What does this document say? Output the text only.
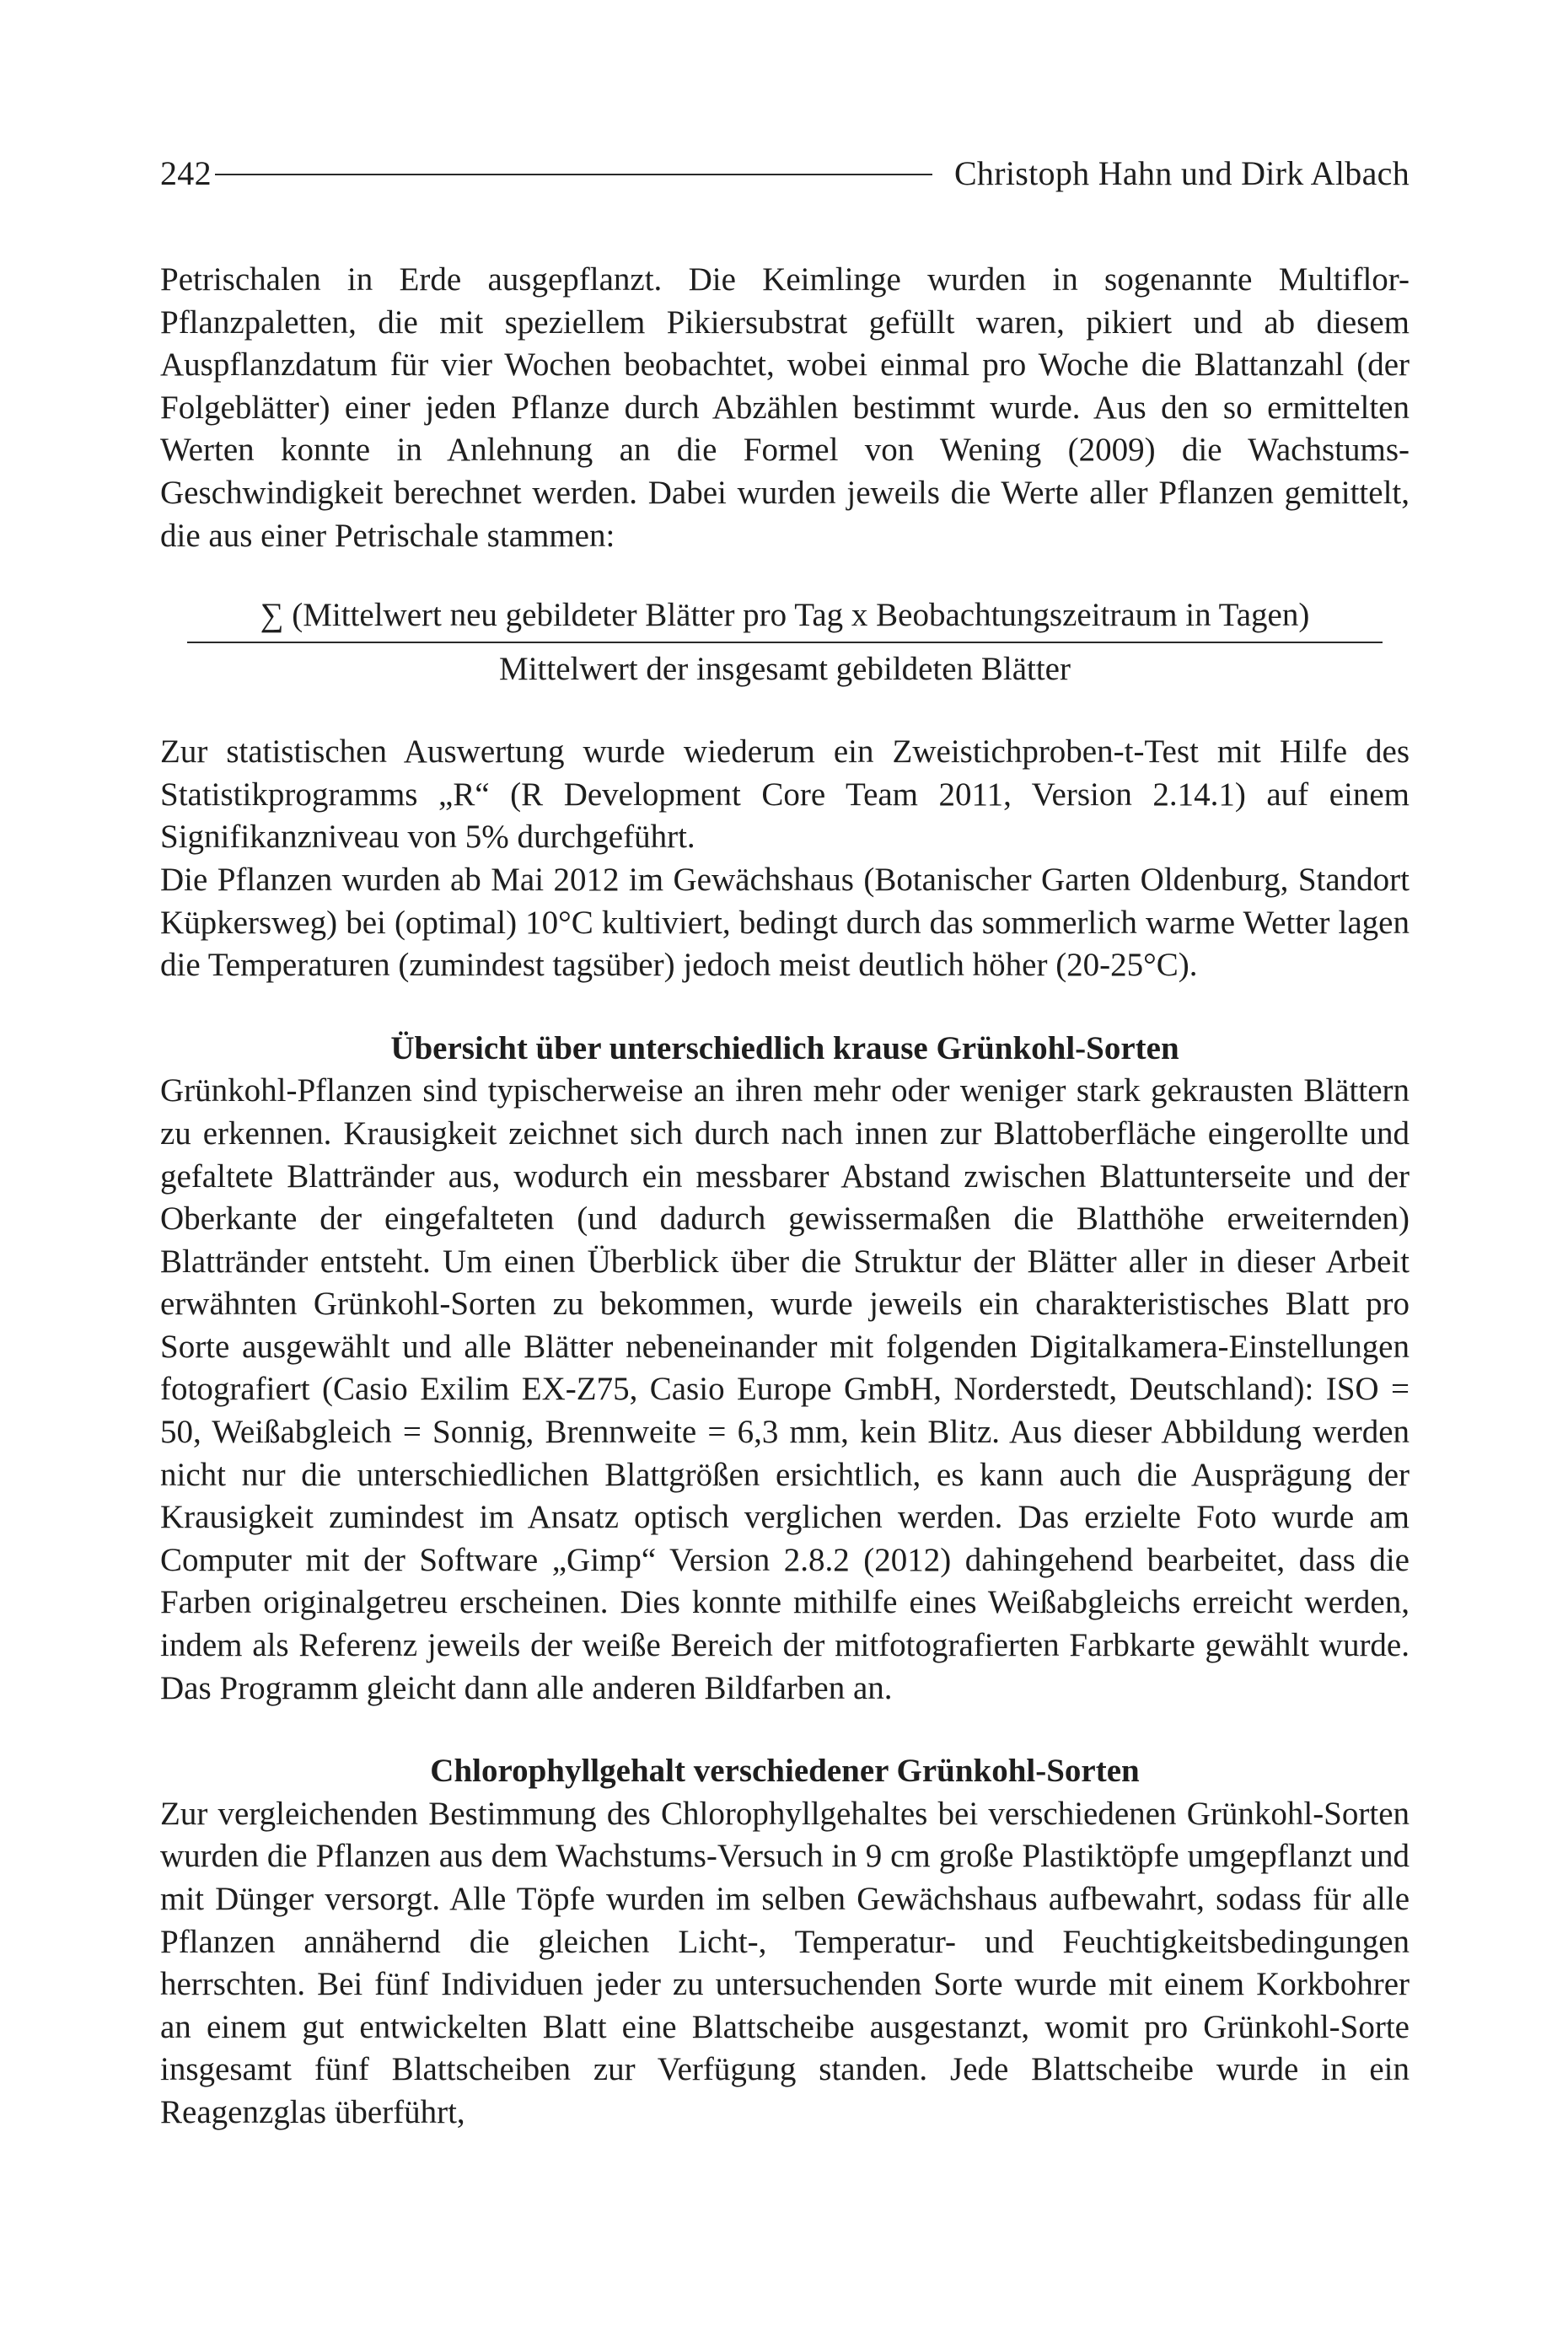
242	Christoph Hahn und Dirk Albach

Petrischalen in Erde ausgepflanzt. Die Keimlinge wurden in sogenannte Multiflor-Pflanzpaletten, die mit speziellem Pikiersubstrat gefüllt waren, pikiert und ab diesem Auspflanzdatum für vier Wochen beobachtet, wobei einmal pro Woche die Blattanzahl (der Folgeblätter) einer jeden Pflanze durch Abzählen bestimmt wurde. Aus den so ermittelten Werten konnte in Anlehnung an die Formel von Wening (2009) die Wachstums-Geschwindigkeit berechnet werden. Dabei wurden jeweils die Werte aller Pflanzen gemittelt, die aus einer Petrischale stammen:

∑ (Mittelwert neu gebildeter Blätter pro Tag x Beobachtungszeitraum in Tagen)
Mittelwert der insgesamt gebildeten Blätter

Zur statistischen Auswertung wurde wiederum ein Zweistichproben-t-Test mit Hilfe des Statistikprogramms „R“ (R Development Core Team 2011, Version 2.14.1) auf einem Signifikanzniveau von 5% durchgeführt.

Die Pflanzen wurden ab Mai 2012 im Gewächshaus (Botanischer Garten Oldenburg, Standort Küpkersweg) bei (optimal) 10°C kultiviert, bedingt durch das sommerlich warme Wetter lagen die Temperaturen (zumindest tagsüber) jedoch meist deutlich höher (20-25°C).

Übersicht über unterschiedlich krause Grünkohl-Sorten

Grünkohl-Pflanzen sind typischerweise an ihren mehr oder weniger stark gekrausten Blättern zu erkennen. Krausigkeit zeichnet sich durch nach innen zur Blattoberfläche eingerollte und gefaltete Blattränder aus, wodurch ein messbarer Abstand zwischen Blattunterseite und der Oberkante der eingefalteten (und dadurch gewissermaßen die Blatthöhe erweiternden) Blattränder entsteht. Um einen Überblick über die Struktur der Blätter aller in dieser Arbeit erwähnten Grünkohl-Sorten zu bekommen, wurde jeweils ein charakteristisches Blatt pro Sorte ausgewählt und alle Blätter nebeneinander mit folgenden Digitalkamera-Einstellungen fotografiert (Casio Exilim EX-Z75, Casio Europe GmbH, Norderstedt, Deutschland): ISO = 50, Weißabgleich = Sonnig, Brennweite = 6,3 mm, kein Blitz. Aus dieser Abbildung werden nicht nur die unterschiedlichen Blattgrößen ersichtlich, es kann auch die Ausprägung der Krausigkeit zumindest im Ansatz optisch verglichen werden. Das erzielte Foto wurde am Computer mit der Software „Gimp“ Version 2.8.2 (2012) dahingehend bearbeitet, dass die Farben originalgetreu erscheinen. Dies konnte mithilfe eines Weißabgleichs erreicht werden, indem als Referenz jeweils der weiße Bereich der mitfotografierten Farbkarte gewählt wurde. Das Programm gleicht dann alle anderen Bildfarben an.

Chlorophyllgehalt verschiedener Grünkohl-Sorten

Zur vergleichenden Bestimmung des Chlorophyllgehaltes bei verschiedenen Grünkohl-Sorten wurden die Pflanzen aus dem Wachstums-Versuch in 9 cm große Plastiktöpfe umgepflanzt und mit Dünger versorgt. Alle Töpfe wurden im selben Gewächshaus aufbewahrt, sodass für alle Pflanzen annähernd die gleichen Licht-, Temperatur- und Feuchtigkeitsbedingungen herrschten. Bei fünf Individuen jeder zu untersuchenden Sorte wurde mit einem Korkbohrer an einem gut entwickelten Blatt eine Blattscheibe ausgestanzt, womit pro Grünkohl-Sorte insgesamt fünf Blattscheiben zur Verfügung standen. Jede Blattscheibe wurde in ein Reagenzglas überführt,
